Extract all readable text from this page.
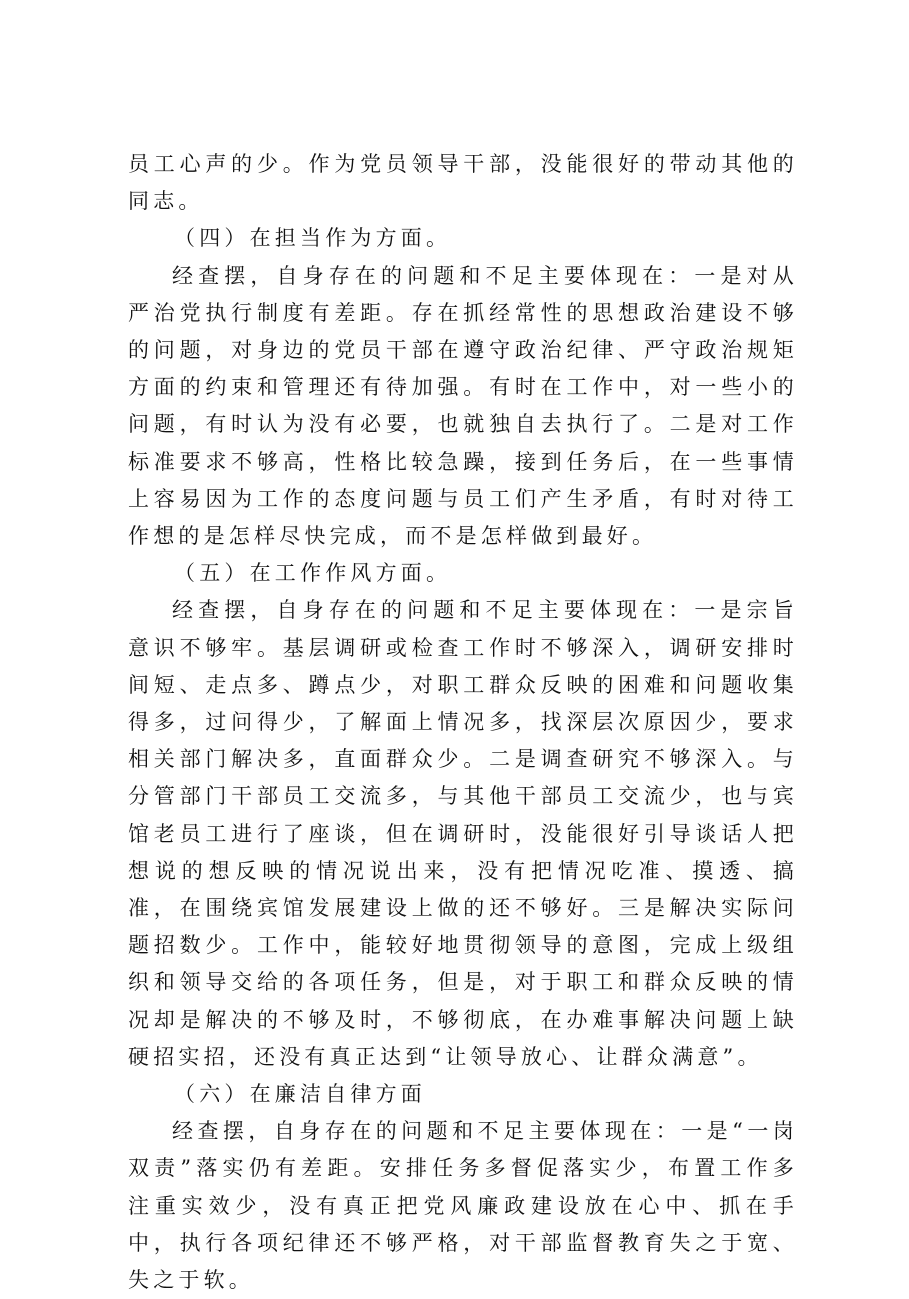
员工心声的少。作为党员领导干部，没能很好的带动其他的同志。

（四）在担当作为方面。

经查摆，自身存在的问题和不足主要体现在：一是对从严治党执行制度有差距。存在抓经常性的思想政治建设不够的问题，对身边的党员干部在遵守政治纪律、严守政治规矩方面的约束和管理还有待加强。有时在工作中，对一些小的问题，有时认为没有必要，也就独自去执行了。二是对工作标准要求不够高，性格比较急躁，接到任务后，在一些事情上容易因为工作的态度问题与员工们产生矛盾，有时对待工作想的是怎样尽快完成，而不是怎样做到最好。

（五）在工作作风方面。

经查摆，自身存在的问题和不足主要体现在：一是宗旨意识不够牢。基层调研或检查工作时不够深入，调研安排时间短、走点多、蹲点少，对职工群众反映的困难和问题收集得多，过问得少，了解面上情况多，找深层次原因少，要求相关部门解决多，直面群众少。二是调查研究不够深入。与分管部门干部员工交流多，与其他干部员工交流少，也与宾馆老员工进行了座谈，但在调研时，没能很好引导谈话人把想说的想反映的情况说出来，没有把情况吃准、摸透、搞准，在围绕宾馆发展建设上做的还不够好。三是解决实际问题招数少。工作中，能较好地贯彻领导的意图，完成上级组织和领导交给的各项任务，但是，对于职工和群众反映的情况却是解决的不够及时，不够彻底，在办难事解决问题上缺硬招实招，还没有真正达到“让领导放心、让群众满意”。

（六）在廉洁自律方面

经查摆，自身存在的问题和不足主要体现在：一是“一岗双责”落实仍有差距。安排任务多督促落实少，布置工作多注重实效少，没有真正把党风廉政建设放在心中、抓在手中，执行各项纪律还不够严格，对干部监督教育失之于宽、失之于软。
